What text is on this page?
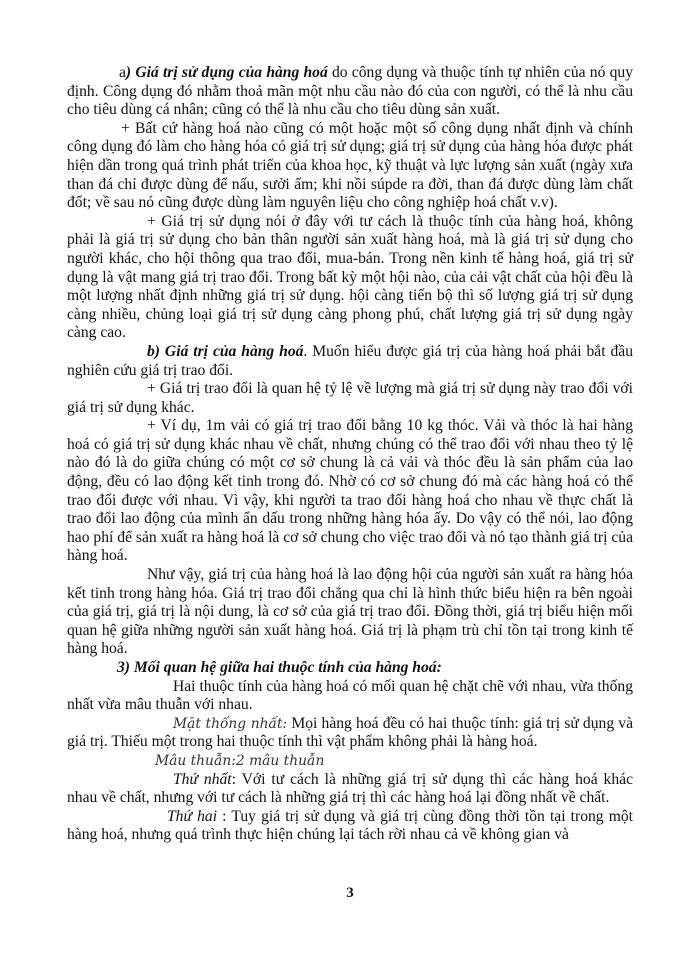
a) Giá trị sử dụng của hàng hoá do công dụng và thuộc tính tự nhiên của nó quy định. Công dụng đó nhằm thoả mãn một nhu cầu nào đó của con người, có thể là nhu cầu cho tiêu dùng cá nhân; cũng có thể là nhu cầu cho tiêu dùng sản xuất.

+ Bất cứ hàng hoá nào cũng có một hoặc một số công dụng nhất định và chính công dụng đó làm cho hàng hóa có giá trị sử dụng; giá trị sử dụng của hàng hóa được phát hiện dần trong quá trình phát triển của khoa học, kỹ thuật và lực lượng sản xuất (ngày xưa than đá chỉ được dùng để nấu, sưởi ấm; khi nồi súpde ra đời, than đá được dùng làm chất đốt; về sau nó cũng được dùng làm nguyên liệu cho công nghiệp hoá chất v.v).

+ Giá trị sử dụng nói ở đây với tư cách là thuộc tính của hàng hoá, không phải là giá trị sử dụng cho bản thân người sản xuất hàng hoá, mà là giá trị sử dụng cho người khác, cho hội thông qua trao đổi, mua-bán. Trong nền kinh tế hàng hoá, giá trị sử dụng là vật mang giá trị trao đổi. Trong bất kỳ một hội nào, của cải vật chất của hội đều là một lượng nhất định những giá trị sử dụng. hội càng tiến bộ thì số lượng giá trị sử dụng càng nhiều, chủng loại giá trị sử dụng càng phong phú, chất lượng giá trị sử dụng ngày càng cao.

b) Giá trị của hàng hoá. Muốn hiểu được giá trị của hàng hoá phải bắt đầu nghiên cứu giá trị trao đổi.

+ Giá trị trao đổi là quan hệ tỷ lệ về lượng mà giá trị sử dụng này trao đổi với giá trị sử dụng khác.

+ Ví dụ, 1m vải có giá trị trao đổi bằng 10 kg thóc. Vải và thóc là hai hàng hoá có giá trị sử dụng khác nhau về chất, nhưng chúng có thể trao đổi với nhau theo tỷ lệ nào đó là do giữa chúng có một cơ sở chung là cả vải và thóc đều là sản phẩm của lao động, đều có lao động kết tinh trong đó. Nhờ có cơ sở chung đó mà các hàng hoá có thể trao đổi được với nhau. Vì vậy, khi người ta trao đổi hàng hoá cho nhau về thực chất là trao đổi lao động của mình ẩn dấu trong những hàng hóa ấy. Do vậy có thể nói, lao động hao phí để sản xuất ra hàng hoá là cơ sở chung cho việc trao đổi và nó tạo thành giá trị của hàng hoá.

Như vậy, giá trị của hàng hoá là lao động hội của người sản xuất ra hàng hóa kết tinh trong hàng hóa. Giá trị trao đổi chẳng qua chỉ là hình thức biểu hiện ra bên ngoài của giá trị, giá trị là nội dung, là cơ sở của giá trị trao đổi. Đồng thời, giá trị biểu hiện mối quan hệ giữa những người sản xuất hàng hoá. Giá trị là phạm trù chỉ tồn tại trong kinh tế hàng hoá.

3) Mối quan hệ giữa hai thuộc tính của hàng hoá:

Hai thuộc tính của hàng hoá có mối quan hệ chặt chẽ với nhau, vừa thống nhất vừa mâu thuẫn với nhau.

Mặt thống nhất: Mọi hàng hoá đều có hai thuộc tính: giá trị sử dụng và giá trị. Thiếu một trong hai thuộc tính thì vật phẩm không phải là hàng hoá.

Mâu thuẫn:2 mâu thuẫn

Thứ nhất: Với tư cách là những giá trị sử dụng thì các hàng hoá khác nhau về chất, nhưng với tư cách là những giá trị thì các hàng hoá lại đồng nhất về chất.

Thứ hai : Tuy giá trị sử dụng và giá trị cùng đồng thời tồn tại trong một hàng hoá, nhưng quá trình thực hiện chúng lại tách rời nhau cả về không gian và

3
